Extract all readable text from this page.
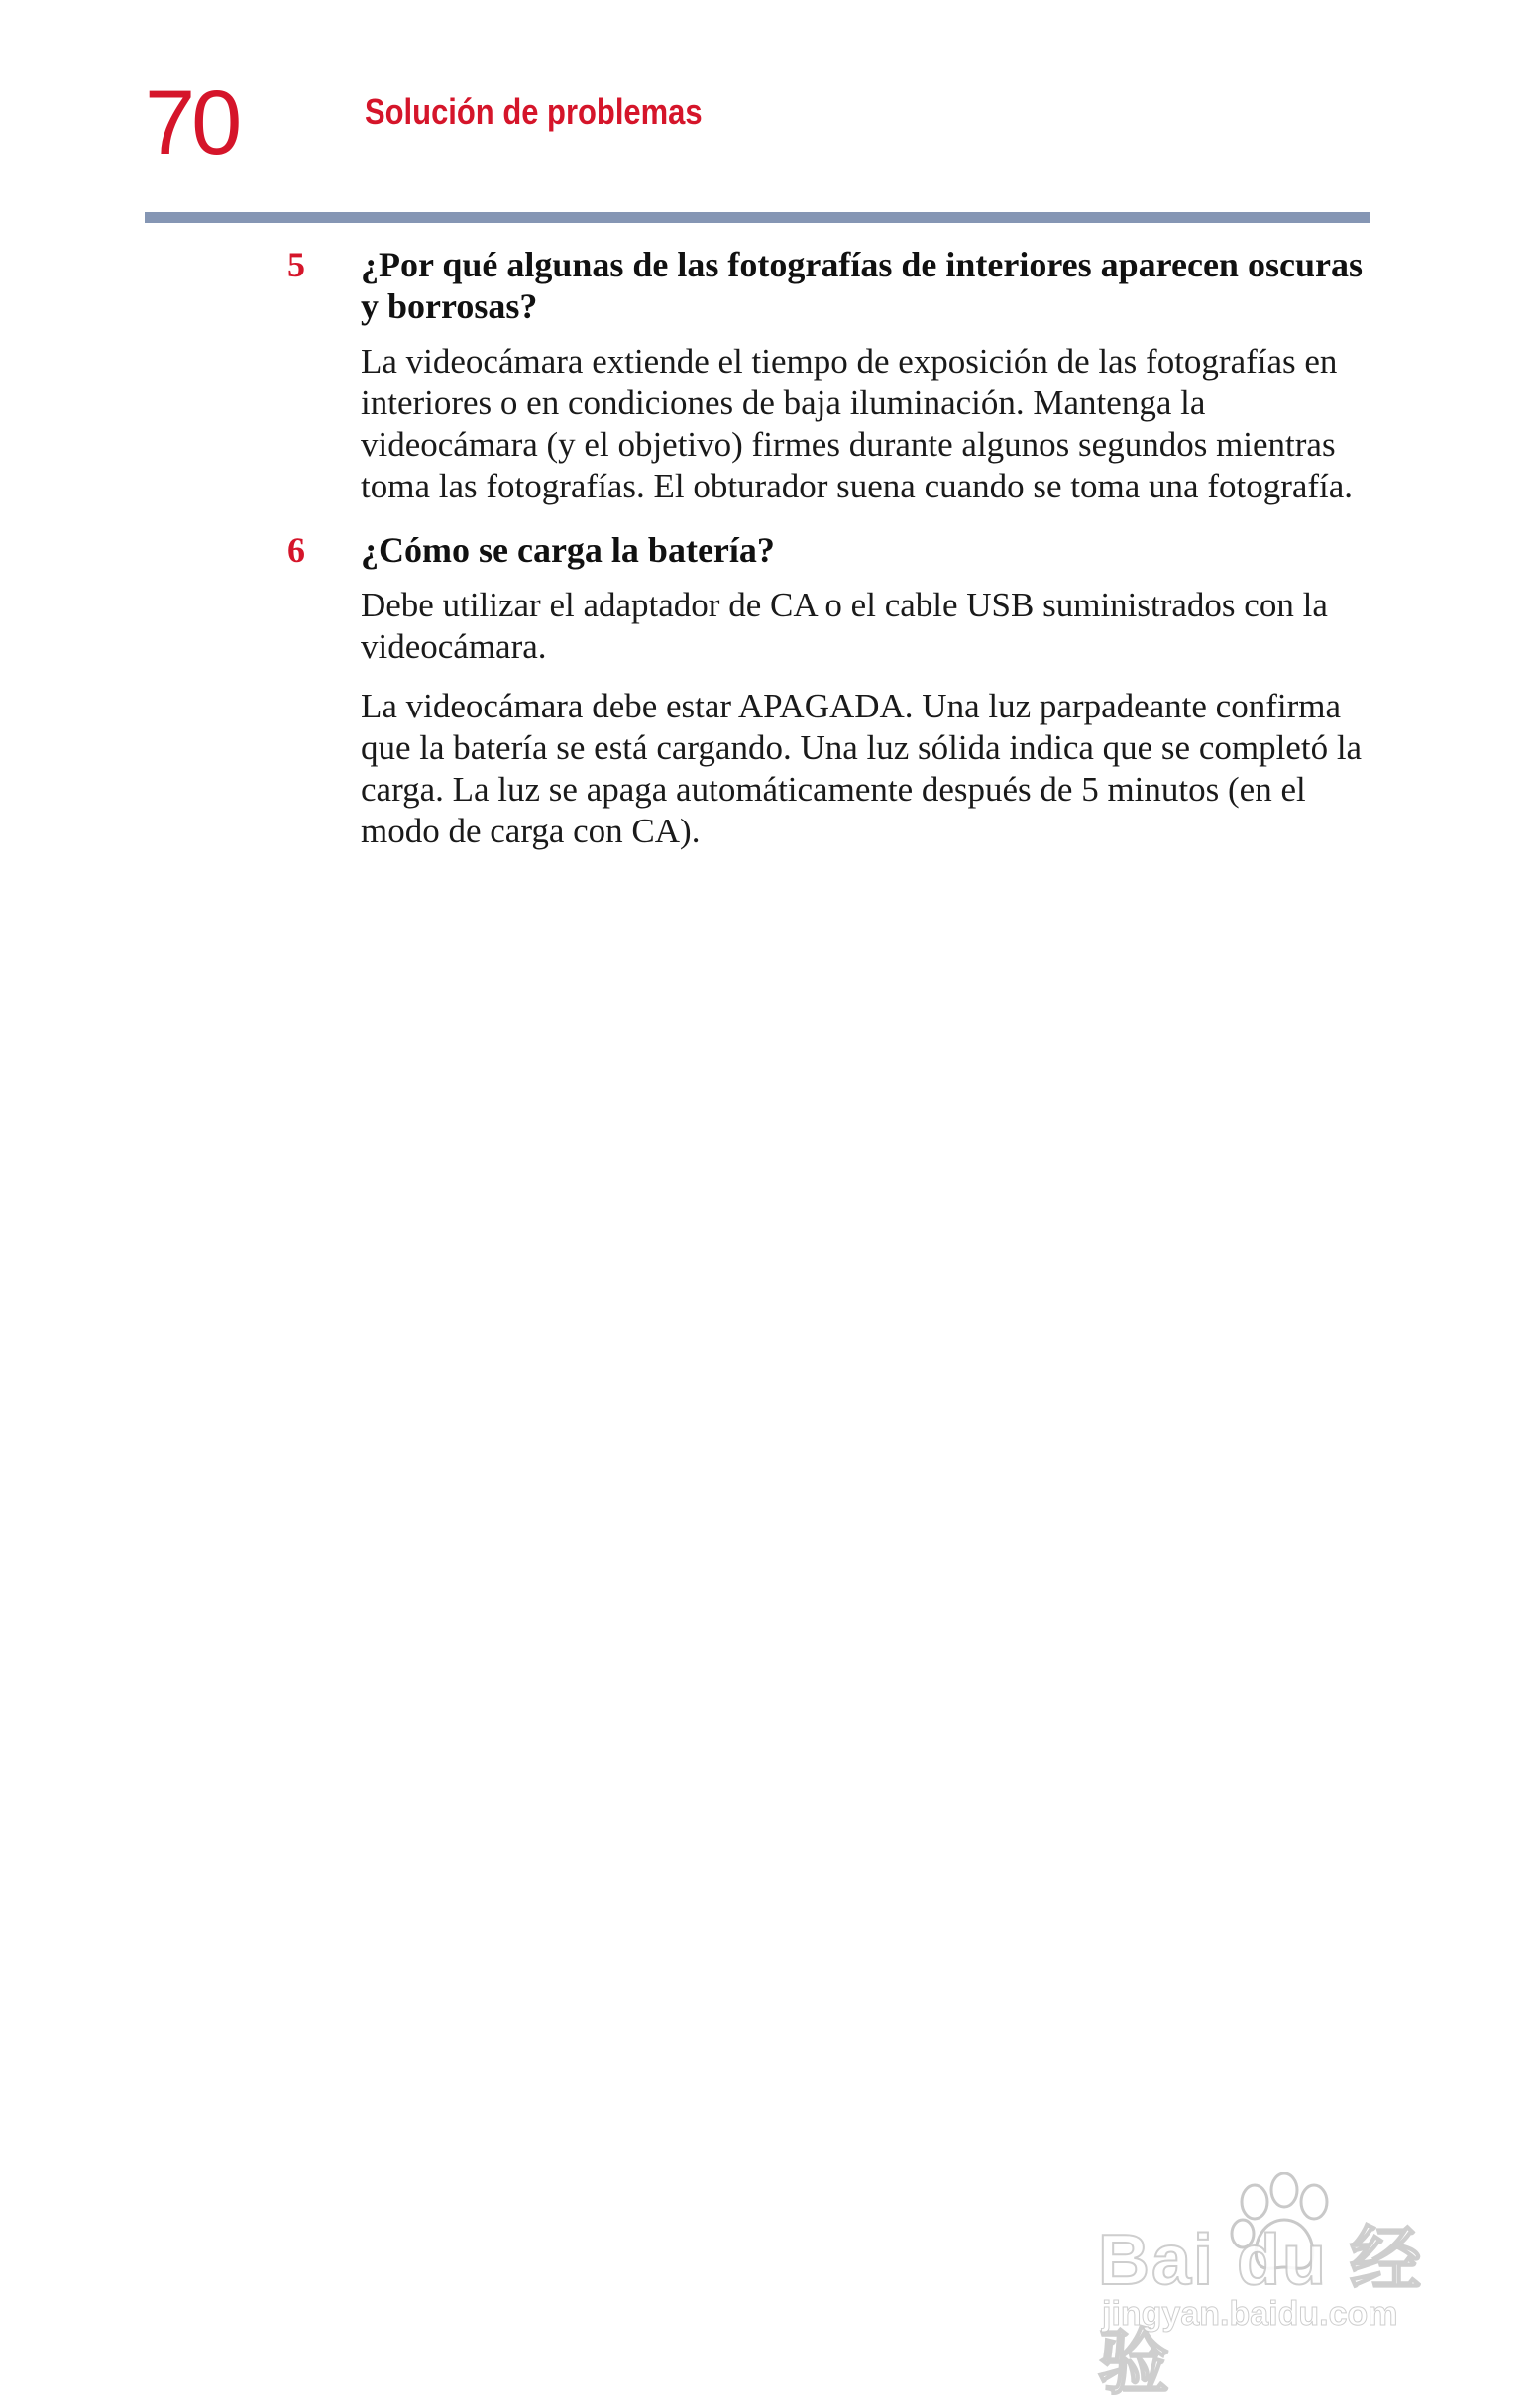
70	Solución de problemas
5 ¿Por qué algunas de las fotografías de interiores aparecen oscuras y borrosas?
La videocámara extiende el tiempo de exposición de las fotografías en interiores o en condiciones de baja iluminación. Mantenga la videocámara (y el objetivo) firmes durante algunos segundos mientras toma las fotografías. El obturador suena cuando se toma una fotografía.
6 ¿Cómo se carga la batería?
Debe utilizar el adaptador de CA o el cable USB suministrados con la videocámara.
La videocámara debe estar APAGADA. Una luz parpadeante confirma que la batería se está cargando. Una luz sólida indica que se completó la carga. La luz se apaga automáticamente después de 5 minutos (en el modo de carga con CA).
Bai du 经验
jingyan.baidu.com
